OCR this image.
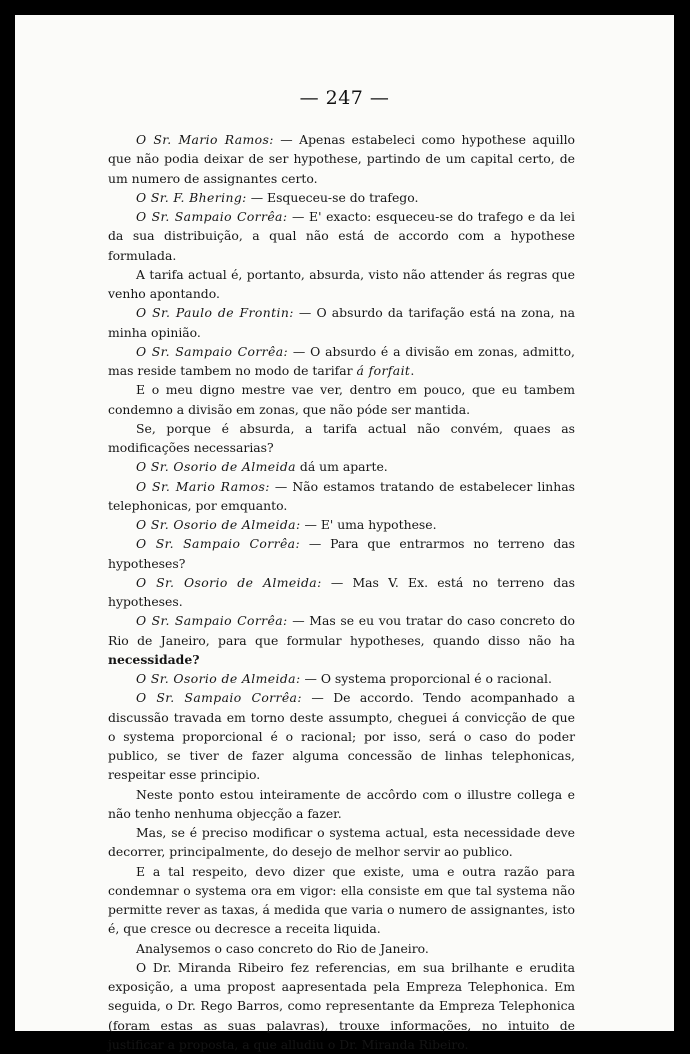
— 247 —

O Sr. Mario Ramos: — Apenas estabeleci como hypothese aquillo que não podia deixar de ser hypothese, partindo de um capital certo, de um numero de assignantes certo.

O Sr. F. Bhering: — Esqueceu-se do trafego.

O Sr. Sampaio Corrêa: — E' exacto: esqueceu-se do trafego e da lei da sua distribuição, a qual não está de accordo com a hypothese formulada.

A tarifa actual é, portanto, absurda, visto não attender ás regras que venho apontando.

O Sr. Paulo de Frontin: — O absurdo da tarifação está na zona, na minha opinião.

O Sr. Sampaio Corrêa: — O absurdo é a divisão em zonas, admitto, mas reside tambem no modo de tarifar á forfait.

E o meu digno mestre vae ver, dentro em pouco, que eu tambem condemno a divisão em zonas, que não póde ser mantida.

Se, porque é absurda, a tarifa actual não convém, quaes as modificações necessarias?

O Sr. Osorio de Almeida dá um aparte.

O Sr. Mario Ramos: — Não estamos tratando de estabelecer linhas telephonicas, por emquanto.

O Sr. Osorio de Almeida: — E' uma hypothese.

O Sr. Sampaio Corrêa: — Para que entrarmos no terreno das hypotheses?

O Sr. Osorio de Almeida: — Mas V. Ex. está no terreno das hypotheses.

O Sr. Sampaio Corrêa: — Mas se eu vou tratar do caso concreto do Rio de Janeiro, para que formular hypotheses, quando disso não ha necessidade?

O Sr. Osorio de Almeida: — O systema proporcional é o racional.

O Sr. Sampaio Corrêa: — De accordo. Tendo acompanhado a discussão travada em torno deste assumpto, cheguei á convicção de que o systema proporcional é o racional; por isso, será o caso do poder publico, se tiver de fazer alguma concessão de linhas telephonicas, respeitar esse principio.

Neste ponto estou inteiramente de accôrdo com o illustre collega e não tenho nenhuma objecção a fazer.

Mas, se é preciso modificar o systema actual, esta necessidade deve decorrer, principalmente, do desejo de melhor servir ao publico.

E a tal respeito, devo dizer que existe, uma e outra razão para condemnar o systema ora em vigor: ella consiste em que tal systema não permitte rever as taxas, á medida que varia o numero de assignantes, isto é, que cresce ou decresce a receita liquida.

Analysemos o caso concreto do Rio de Janeiro.

O Dr. Miranda Ribeiro fez referencias, em sua brilhante e erudita exposição, a uma propost aapresentada pela Empreza Telephonica. Em seguida, o Dr. Rego Barros, como representante da Empreza Telephonica (foram estas as suas palavras), trouxe informações, no intuito de justificar a proposta, a que alludiu o Dr. Miranda Ribeiro.
